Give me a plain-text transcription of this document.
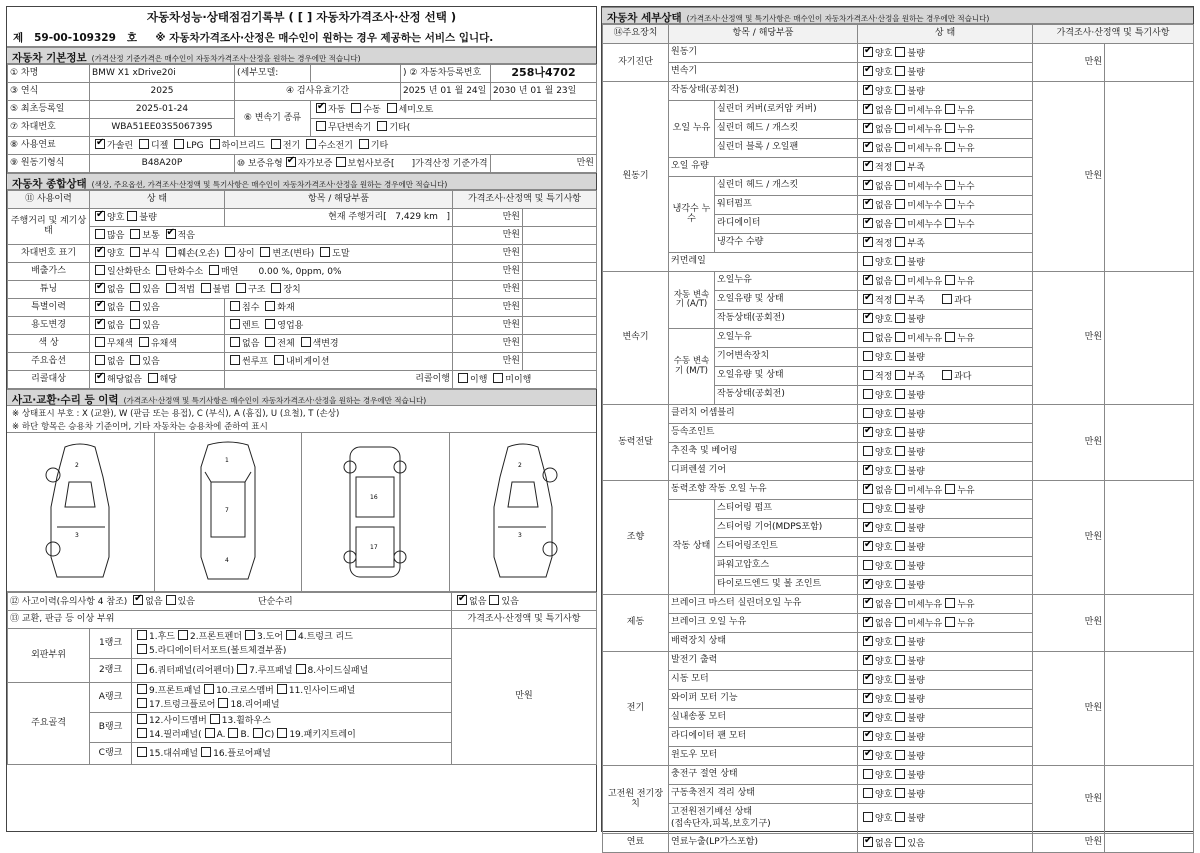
자동차성능·상태점검기록부 ( [ ] 자동차가격조사·산정 선택 )
제 59-00-109329 호 ※ 자동차가격조사·산정은 매수인이 원하는 경우 제공하는 서비스 입니다.
자동차 기본정보 (가격산정 기준가격은 매수인이 자동차가격조사·산정을 원하는 경우에만 적습니다)
① 차명	BMW X1 xDrive20i	(세부모델:		) ② 자동차등록번호	258나4702
③ 연식	2025	④ 검사유효기간		2025 년 01 월 24일	2030 년 01 월 23일
⑤ 최초등록일	2025-01-24	⑥ 변속기 종류	✔자동 수동 세미오토
⑦ 차대번호	WBA51EE03S5067395		무단변속기 기타(		
⑧ 사용연료	✔가솔린 디젤 LPG 하이브리드 전기 수소전기 기타
⑨ 원동기형식	B48A20P	⑩ 보증유형 ✔ 자가보증 보험사보증[ ]가격산정 기준가격			만원
자동차 종합상태 (색상, 주요옵션, 가격조사·산정액 및 특기사항은 매수인이 자동차가격조사·산정을 원하는 경우에만 적습니다)
⑪ 사용이력	상 태	항목 / 해당부품	가격조사·산정액 및 특기사항	
주행거리 및 계기상태	✔양호 불량	현재 주행거리[ 7,429 km ]	만원	
	많음 보통 ✔ 적음		만원	
차대번호 표기	✔양호 부식 훼손(오손) 상이 변조(변타) 도말		만원	
배출가스	일산화탄소 탄화수소 매연 0.00 %, 0ppm, 0%		만원	
튜닝	✔없음 있음 적법 불법 구조 장치		만원	
특별이력	✔없음 있음	침수 화재	만원	
용도변경	✔없음 있음	렌트 영업용	만원	
색 상	무채색 유채색	없음 전체 색변경	만원	
주요옵션	없음 있음	썬루프 내비게이션	만원	
리콜대상	✔해당없음 해당	리콜이행	이행 미이행	
사고·교환·수리 등 이력 (가격조사·산정액 및 특기사항은 매수인이 자동차가격조사·산정을 원하는 경우에만 적습니다)
※ 상태표시 부호 : X (교환), W (판금 또는 용접), C (부식), A (흠집), U (요철), T (손상)
※ 하단 항목은 승용차 기준이며, 기타 자동차는 승용차에 준하여 표시
2
3
1
7
4
16
17
2
3
⑫ 사고이력(유의사항 4 참조) ✔ 없음 있음 단순수리	✔없음 있음
⑬ 교환, 판금 등 이상 부위			가격조사·산정액 및 특기사항
외판부위	1랭크	1.후드 2.프론트펜더 3.도어 4.트렁크 리드
5.라디에이터서포트(볼트체결부품)	만원
	2랭크	6.쿼터패널(리어펜더) 7.루프패널 8.사이드실패널	
주요골격	A랭크	9.프론트패널 10.크로스멤버 11.인사이드패널
17.트렁크플로어 18.리어패널	
	B랭크	12.사이드멤버 13.휠하우스
14.필러패널( A. B. C) 19.패키지트레이	
	C랭크	15.대쉬패널 16.플로어패널	
자동차 세부상태 (가격조사·산정액 및 특기사항은 매수인이 자동차가격조사·산정을 원하는 경우에만 적습니다)
⑭주요장치	항목 / 해당부품		상 태	가격조사·산정액 및 특기사항	
자기진단	원동기	✔양호 불량	만원	
	변속기	✔양호 불량
원동기	작동상태(공회전)	✔양호 불량	만원	
	오일 누유	실린더 커버(로커암 커버)	✔없음 미세누유 누유
		실린더 헤드 / 개스킷	✔없음 미세누유 누유
		실린더 블록 / 오일팬	✔없음 미세누유 누유
	오일 유량	✔적정 부족
	냉각수 누수	실린더 헤드 / 개스킷	✔없음 미세누수 누수
		워터펌프	✔없음 미세누수 누수
		라디에이터	✔없음 미세누수 누수
		냉각수 수량	✔적정 부족
	커먼레일		양호 불량		
변속기	자동 변속기 (A/T)	오일누유	✔없음 미세누유 누유	만원	
		오일유량 및 상태	✔적정 부족 과다
		작동상태(공회전)	✔양호 불량
	수동 변속기 (M/T)	오일누유	없음 미세누유 누유		
		기어변속장치	양호 불량		
		오일유량 및 상태	적정 부족 과다		
		작동상태(공회전)	양호 불량		
동력전달	클러치 어셈블리		양호 불량	만원	
	등속조인트	✔양호 불량
	추진축 및 베어링		양호 불량		
	디퍼렌셜 기어	✔양호 불량
조향	동력조향 작동 오일 누유	✔없음 미세누유 누유	만원	
	작동 상태	스티어링 펌프	양호 불량		
		스티어링 기어(MDPS포함)	✔양호 불량
		스티어링조인트	✔양호 불량
		파워고압호스	양호 불량		
		타이로드엔드 및 볼 조인트	✔양호 불량
제동	브레이크 마스터 실린더오일 누유	✔없음 미세누유 누유	만원	
	브레이크 오일 누유	✔없음 미세누유 누유
	배력장치 상태	✔양호 불량
전기	발전기 출력	✔양호 불량	만원	
	시동 모터	✔양호 불량
	와이퍼 모터 기능	✔양호 불량
	실내송풍 모터	✔양호 불량
	라디에이터 팬 모터	✔양호 불량
	윈도우 모터	✔양호 불량
고전원 전기장치	충전구 절연 상태		양호 불량	만원	
	구동축전지 격리 상태		양호 불량		
	고전원전기배선 상태
(접속단자,피복,보호기구)		양호 불량		
연료	연료누출(LP가스포함)	✔없음 있음	만원	
